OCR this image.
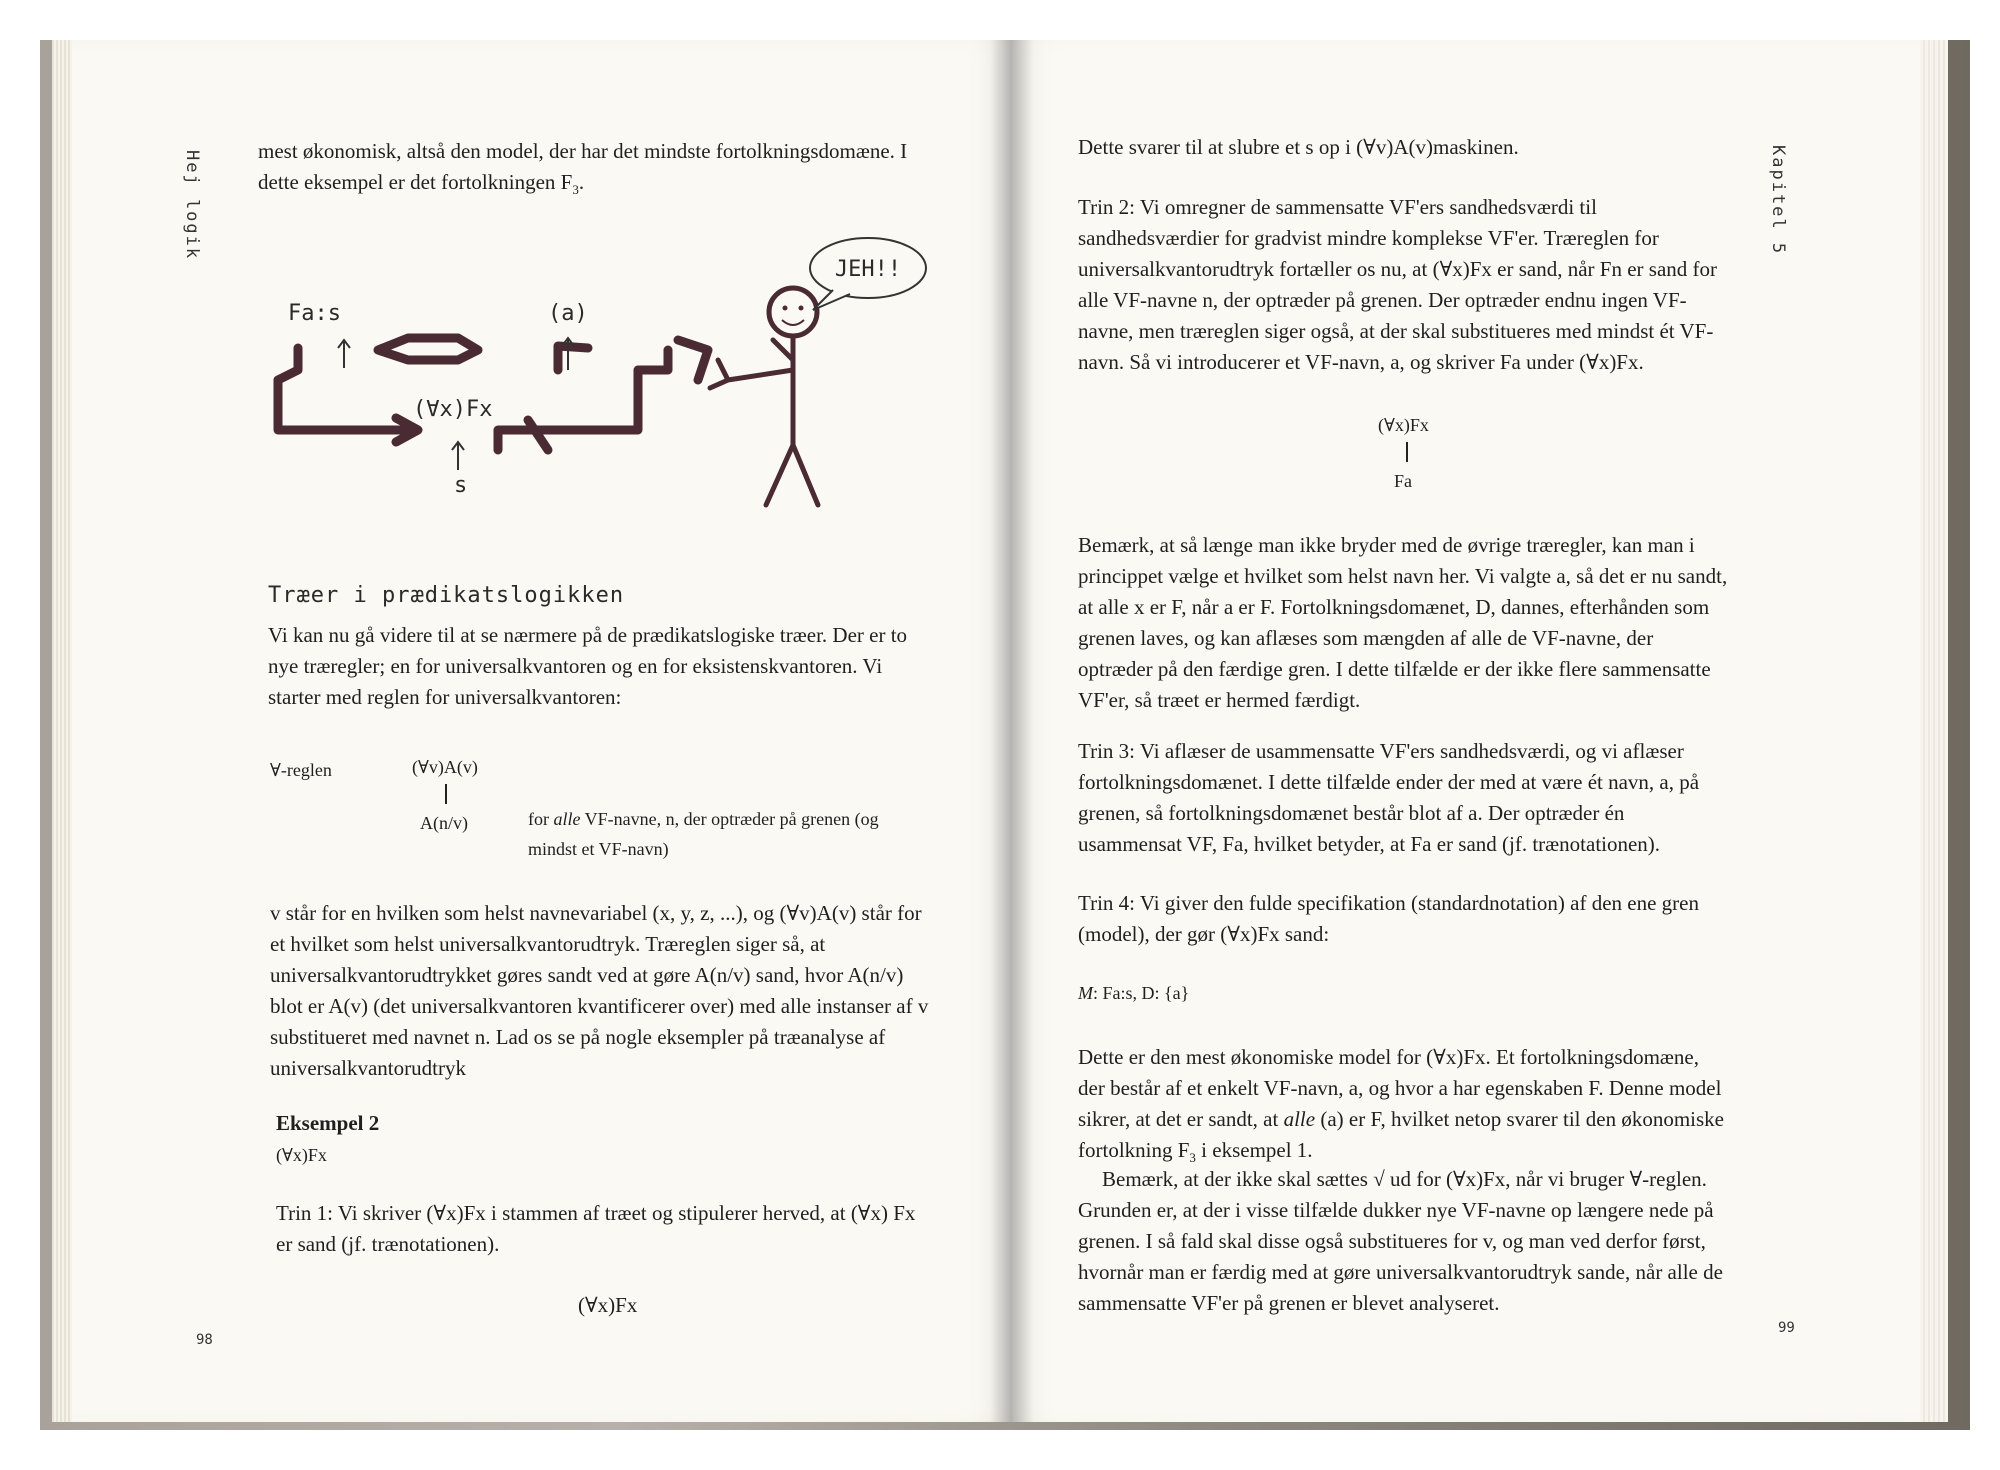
Hej logik
98

mest økonomisk, altså den model, der har det mindste fortolkningsdomæne. I dette eksempel er det fortolkningen $F_3$.

Fa:s	(a)
(∀x)Fx
s
JEH!!
Træer i prædikatslogikken
Vi kan nu gå videre til at se nærmere på de prædikatslogiske træer. Der er to nye træregler; en for universalkvantoren og en for eksistenskvantoren. Vi starter med reglen for universalkvantoren:
∀-reglen	(∀v)A(v)
A(n/v)	for alle VF-navne, n, der optræder på grenen (og mindst et VF-navn)
v står for en hvilken som helst navnevariabel (x, y, z, ...), og (∀v)A(v) står for et hvilket som helst universalkvantorudtryk. Træreglen siger så, at universalkvantorudtrykket gøres sandt ved at gøre A(n/v) sand, hvor A(n/v) blot er A(v) (det universalkvantoren kvantificerer over) med alle instanser af v substitueret med navnet n. Lad os se på nogle eksempler på træanalyse af universalkvantorudtryk
Eksempel 2
(∀x)Fx
Trin 1: Vi skriver (∀x)Fx i stammen af træet og stipulerer herved, at (∀x) Fx er sand (jf. trænotationen).
(∀x)Fx
Kapitel 5
99
Dette svarer til at slubre et s op i (∀v)A(v)maskinen.
Trin 2: Vi omregner de sammensatte VF'ers sandhedsværdi til sandhedsværdier for gradvist mindre komplekse VF'er. Træreglen for universalkvantorudtryk fortæller os nu, at (∀x)Fx er sand, når Fn er sand for alle VF-navne n, der optræder på grenen. Der optræder endnu ingen VF-navne, men træreglen siger også, at der skal substitueres med mindst ét VF-navn. Så vi introducerer et VF-navn, a, og skriver Fa under (∀x)Fx.
(∀x)Fx
Fa
Bemærk, at så længe man ikke bryder med de øvrige træregler, kan man i princippet vælge et hvilket som helst navn her. Vi valgte a, så det er nu sandt, at alle x er F, når a er F. Fortolkningsdomænet, D, dannes, efterhånden som grenen laves, og kan aflæses som mængden af alle de VF-navne, der optræder på den færdige gren. I dette tilfælde er der ikke flere sammensatte VF'er, så træet er hermed færdigt.
Trin 3: Vi aflæser de usammensatte VF'ers sandhedsværdi, og vi aflæser fortolkningsdomænet. I dette tilfælde ender der med at være ét navn, a, på grenen, så fortolkningsdomænet består blot af a. Der optræder én usammensat VF, Fa, hvilket betyder, at Fa er sand (jf. trænotationen).
Trin 4: Vi giver den fulde specifikation (standardnotation) af den ene gren (model), der gør (∀x)Fx sand:
M: Fa:s, D: {a}
Dette er den mest økonomiske model for (∀x)Fx. Et fortolkningsdomæne, der består af et enkelt VF-navn, a, og hvor a har egenskaben F. Denne model sikrer, at det er sandt, at alle (a) er F, hvilket netop svarer til den økonomiske fortolkning $F_3$ i eksempel 1.
Bemærk, at der ikke skal sættes √ ud for (∀x)Fx, når vi bruger ∀-reglen. Grunden er, at der i visse tilfælde dukker nye VF-navne op længere nede på grenen. I så fald skal disse også substitueres for v, og man ved derfor først, hvornår man er færdig med at gøre universalkvantorudtryk sande, når alle de sammensatte VF'er på grenen er blevet analyseret.
